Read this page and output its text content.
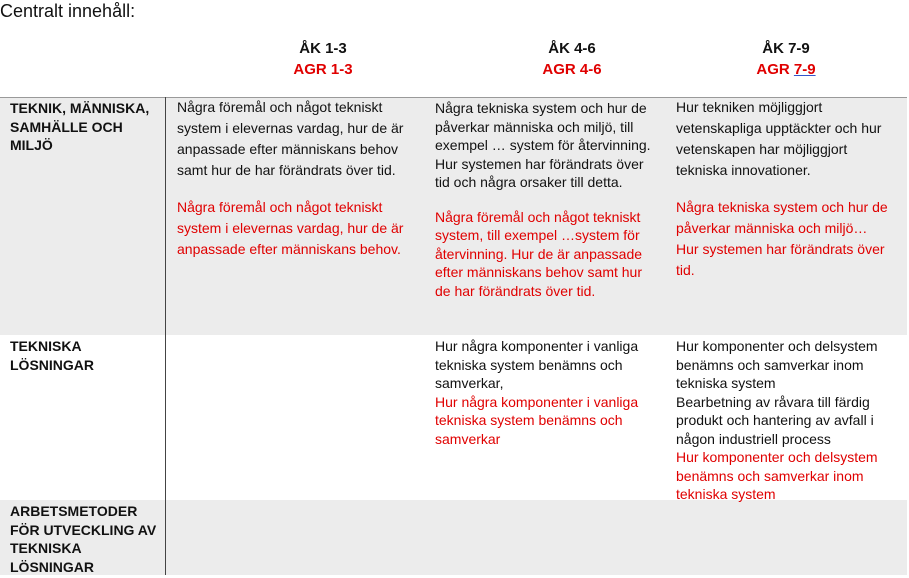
Centralt innehåll:
ÅK 1-3
AGR 1-3
ÅK 4-6
AGR 4-6
ÅK 7-9
AGR 7-9
TEKNIK, MÄNNISKA, SAMHÄLLE OCH MILJÖ

Några föremål och något tekniskt system i elevernas vardag, hur de är anpassade efter människans behov samt hur de har förändrats över tid.

Några föremål och något tekniskt system i elevernas vardag, hur de är anpassade efter människans behov.

Några tekniska system och hur de påverkar människa och miljö, till exempel … system för återvinning. Hur systemen har förändrats över tid och några orsaker till detta.

Några föremål och något tekniskt system, till exempel …system för återvinning. Hur de är anpassade efter människans behov samt hur de har förändrats över tid.

Hur tekniken möjliggjort vetenskapliga upptäckter och hur vetenskapen har möjliggjort tekniska innovationer.

Några tekniska system och hur de påverkar människa och miljö…

Hur systemen har förändrats över tid.

TEKNISKA LÖSNINGAR

Hur några komponenter i vanliga tekniska system benämns och samverkar,

Hur några komponenter i vanliga tekniska system benämns och samverkar

Hur komponenter och delsystem benämns och samverkar inom tekniska system

Bearbetning av råvara till färdig produkt och hantering av avfall i någon industriell process

Hur komponenter och delsystem benämns och samverkar inom tekniska system

ARBETSMETODER FÖR UTVECKLING AV TEKNISKA LÖSNINGAR
